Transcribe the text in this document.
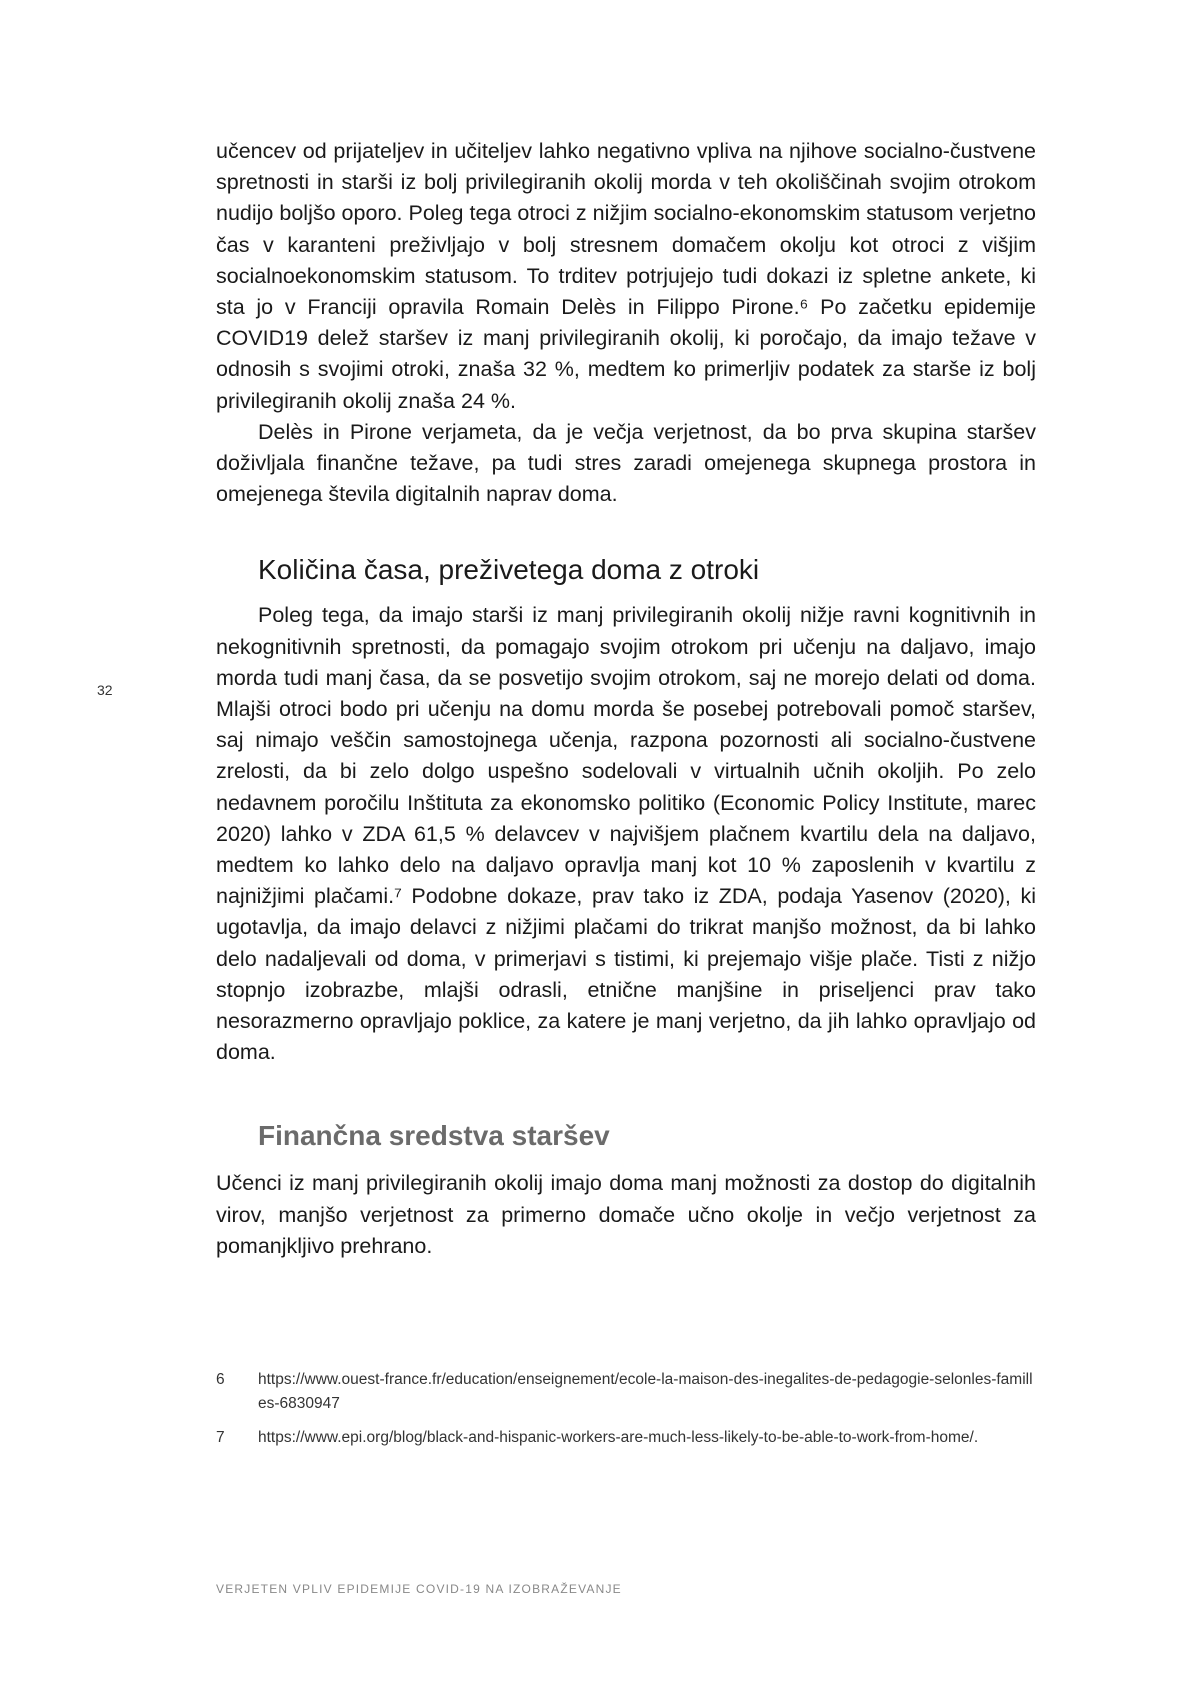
32

učencev od prijateljev in učiteljev lahko negativno vpliva na njihove socialno-čustvene spretnosti in starši iz bolj privilegiranih okolij morda v teh okoliščinah svojim otrokom nudijo boljšo oporo. Poleg tega otroci z nižjim socialno-ekonomskim statusom verjetno čas v karanteni preživljajo v bolj stresnem domačem okolju kot otroci z višjim socialnoekonomskim statusom. To trditev potrjujejo tudi dokazi iz spletne ankete, ki sta jo v Franciji opravila Romain Delès in Filippo Pirone.⁶ Po začetku epidemije COVID19 delež staršev iz manj privilegiranih okolij, ki poročajo, da imajo težave v odnosih s svojimi otroki, znaša 32 %, medtem ko primerljiv podatek za starše iz bolj privilegiranih okolij znaša 24 %.

Delès in Pirone verjameta, da je večja verjetnost, da bo prva skupina staršev doživljala finančne težave, pa tudi stres zaradi omejenega skupnega prostora in omejenega števila digitalnih naprav doma.

Količina časa, preživetega doma z otroki

Poleg tega, da imajo starši iz manj privilegiranih okolij nižje ravni kognitivnih in nekognitivnih spretnosti, da pomagajo svojim otrokom pri učenju na daljavo, imajo morda tudi manj časa, da se posvetijo svojim otrokom, saj ne morejo delati od doma. Mlajši otroci bodo pri učenju na domu morda še posebej potrebovali pomoč staršev, saj nimajo veščin samostojnega učenja, razpona pozornosti ali socialno-čustvene zrelosti, da bi zelo dolgo uspešno sodelovali v virtualnih učnih okoljih. Po zelo nedavnem poročilu Inštituta za ekonomsko politiko (Economic Policy Institute, marec 2020) lahko v ZDA 61,5 % delavcev v najvišjem plačnem kvartilu dela na daljavo, medtem ko lahko delo na daljavo opravlja manj kot 10 % zaposlenih v kvartilu z najnižjimi plačami.⁷ Podobne dokaze, prav tako iz ZDA, podaja Yasenov (2020), ki ugotavlja, da imajo delavci z nižjimi plačami do trikrat manjšo možnost, da bi lahko delo nadaljevali od doma, v primerjavi s tistimi, ki prejemajo višje plače. Tisti z nižjo stopnjo izobrazbe, mlajši odrasli, etnične manjšine in priseljenci prav tako nesorazmerno opravljajo poklice, za katere je manj verjetno, da jih lahko opravljajo od doma.

Finančna sredstva staršev

Učenci iz manj privilegiranih okolij imajo doma manj možnosti za dostop do digitalnih virov, manjšo verjetnost za primerno domače učno okolje in večjo verjetnost za pomanjkljivo prehrano.

6	https://www.ouest-france.fr/education/enseignement/ecole-la-maison-des-inegalites-de-pedagogie-selonles-familles-6830947
7	https://www.epi.org/blog/black-and-hispanic-workers-are-much-less-likely-to-be-able-to-work-from-home/.
VERJETEN VPLIV EPIDEMIJE COVID-19 NA IZOBRAŽEVANJE
